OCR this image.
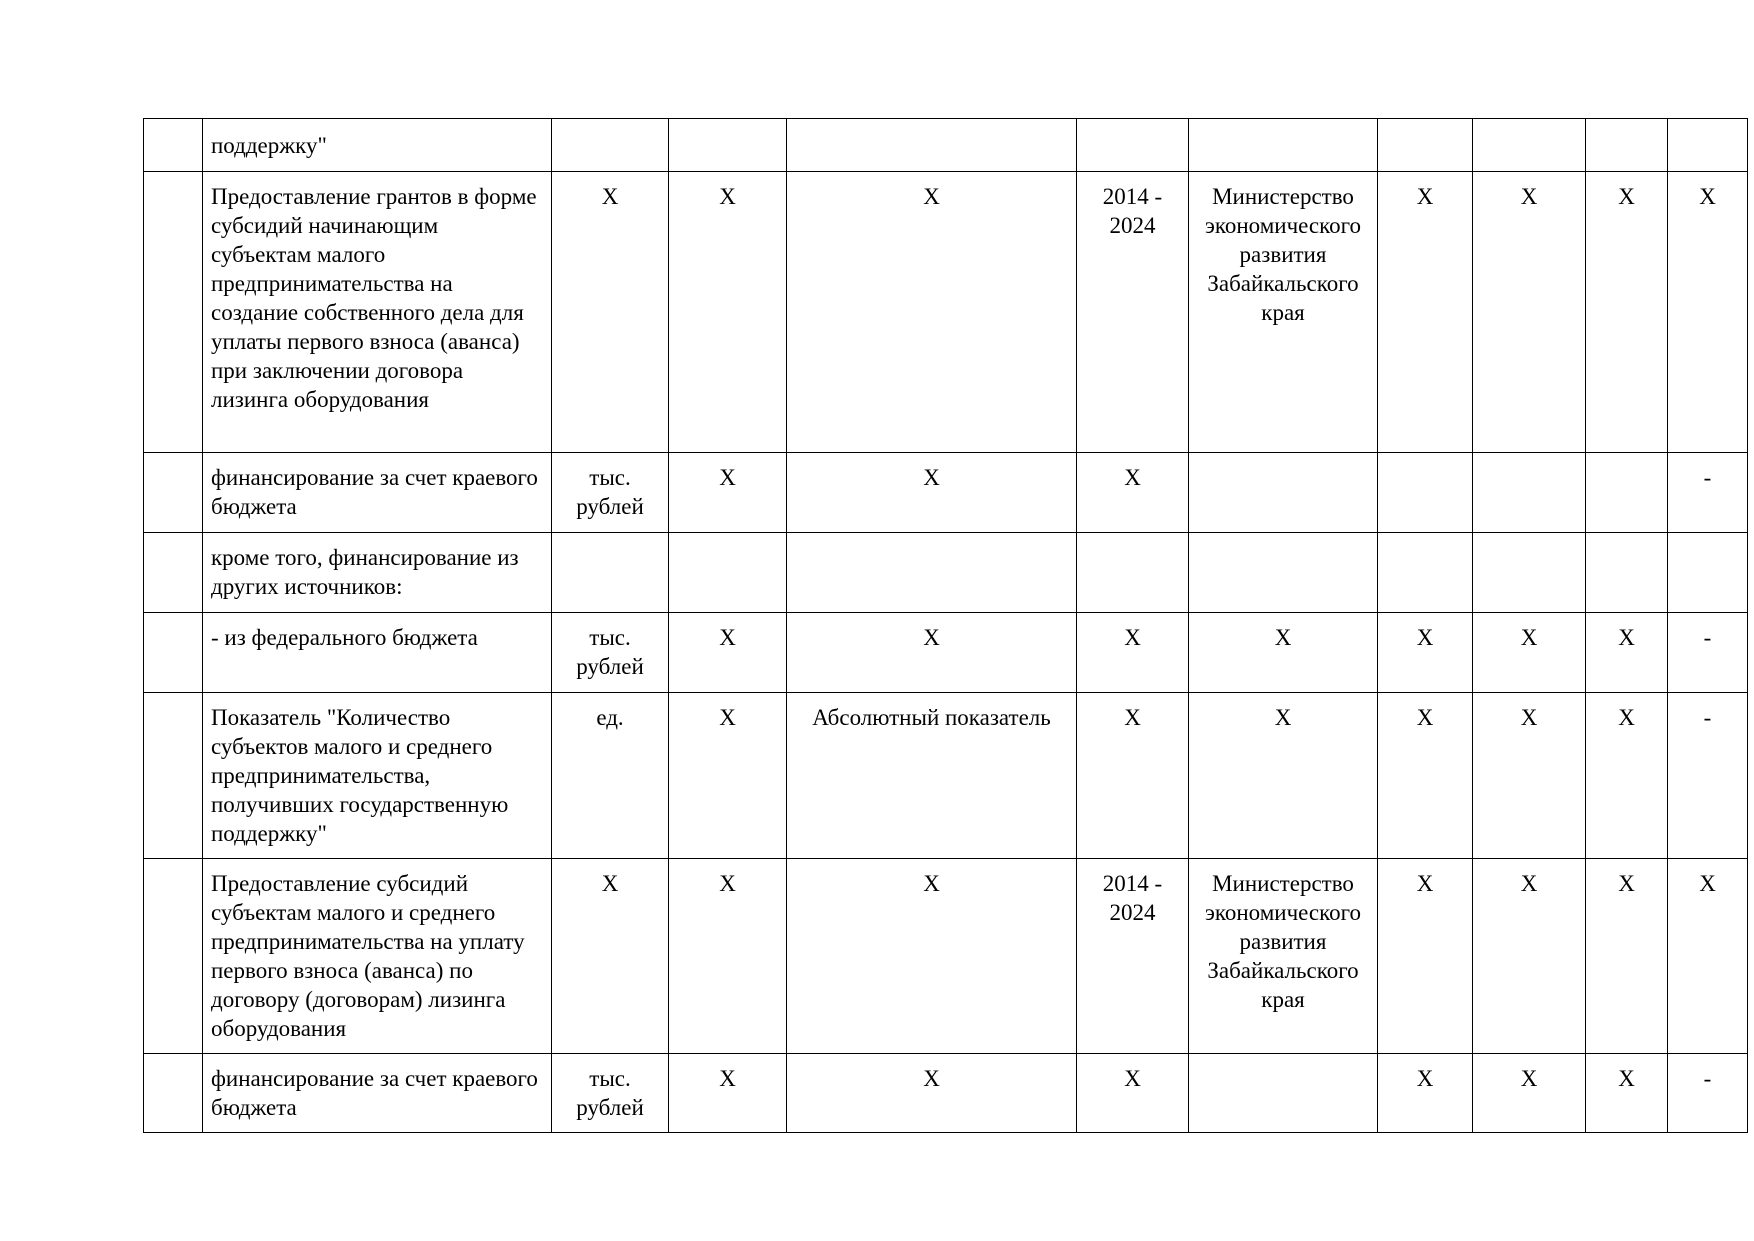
	поддержку"									
	Предоставление грантов в форме субсидий начинающим субъектам малого предпринимательства на создание собственного дела для уплаты первого взноса (аванса) при заключении договора лизинга оборудования	X	X	X	2014 - 2024	Министерство экономического развития Забайкальского края	X	X	X	X
	финансирование за счет краевого бюджета	тыс. рублей	X	X	X					-
	кроме того, финансирование из других источников:									
	- из федерального бюджета	тыс. рублей	X	X	X	X	X	X	X	-
	Показатель "Количество субъектов малого и среднего предпринимательства, получивших государственную поддержку"	ед.	X	Абсолютный показатель	X	X	X	X	X	-
	Предоставление субсидий субъектам малого и среднего предпринимательства на уплату первого взноса (аванса) по договору (договорам) лизинга оборудования	X	X	X	2014 - 2024	Министерство экономического развития Забайкальского края	X	X	X	X
	финансирование за счет краевого бюджета	тыс. рублей	X	X	X		X	X	X	-
